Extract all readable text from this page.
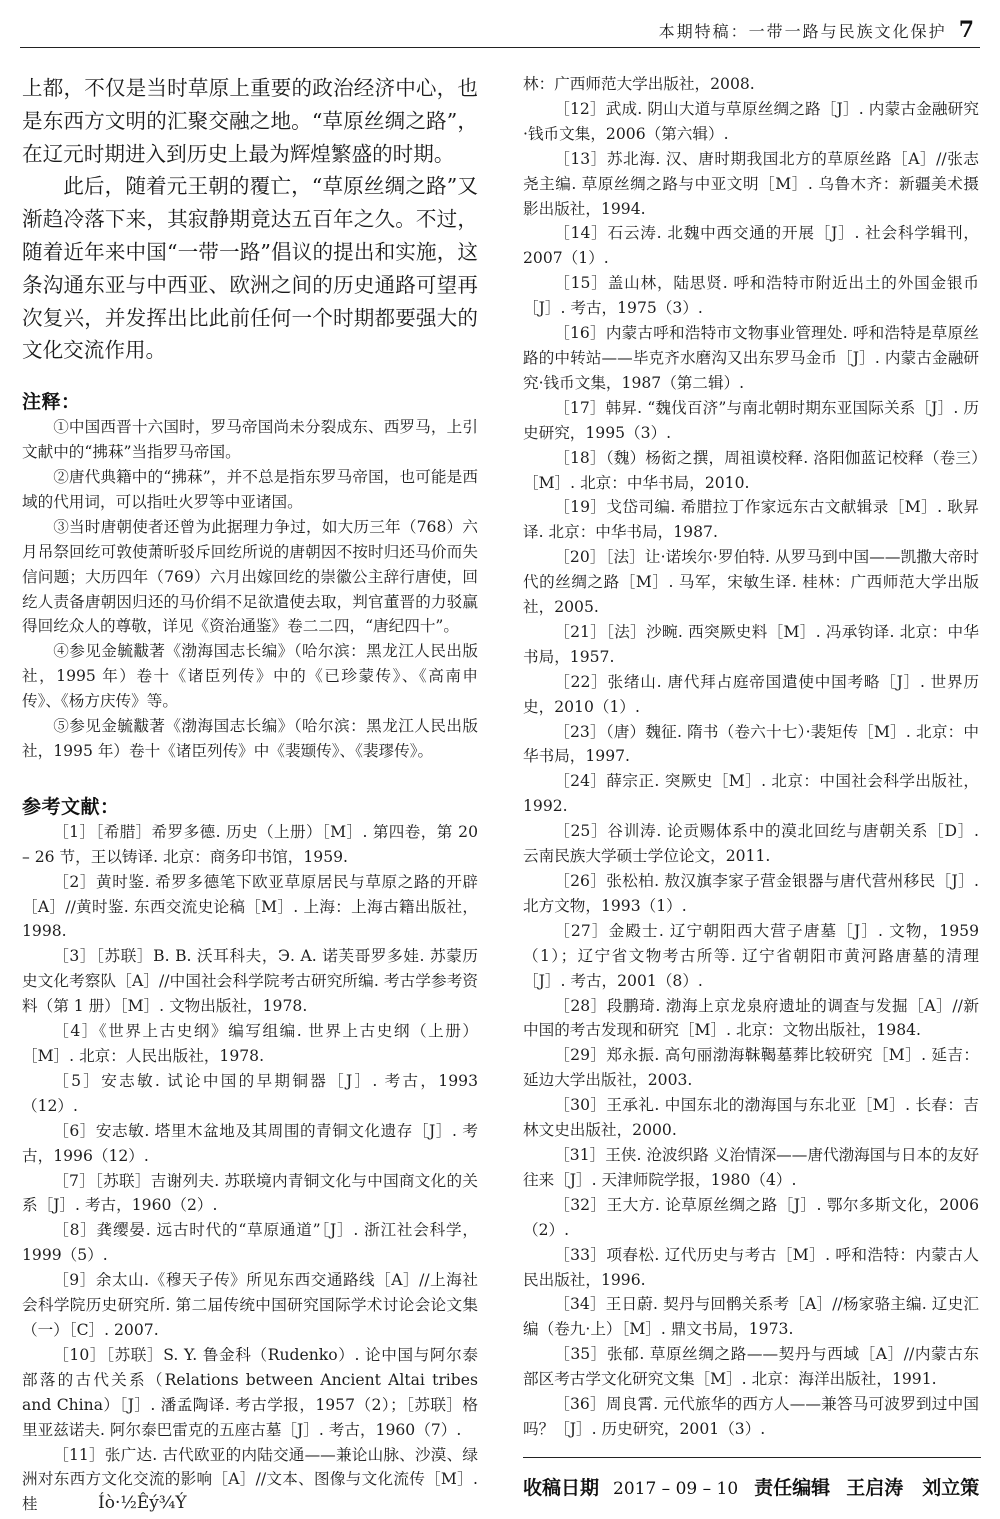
本期特稿：一带一路与民族文化保护 7

上都，不仅是当时草原上重要的政治经济中心，也是东西方文明的汇聚交融之地。“草原丝绸之路”，在辽元时期进入到历史上最为辉煌繁盛的时期。

此后，随着元王朝的覆亡，“草原丝绸之路”又渐趋冷落下来，其寂静期竟达五百年之久。不过，随着近年来中国“一带一路”倡议的提出和实施，这条沟通东亚与中西亚、欧洲之间的历史通路可望再次复兴，并发挥出比此前任何一个时期都要强大的文化交流作用。

注释：

①中国西晋十六国时，罗马帝国尚未分裂成东、西罗马，上引文献中的“拂菻”当指罗马帝国。

②唐代典籍中的“拂菻”，并不总是指东罗马帝国，也可能是西域的代用词，可以指吐火罗等中亚诸国。

③当时唐朝使者还曾为此据理力争过，如大历三年（768）六月吊祭回纥可敦使萧昕驳斥回纥所说的唐朝因不按时归还马价而失信问题；大历四年（769）六月出嫁回纥的崇徽公主辞行唐使，回纥人责备唐朝因归还的马价绢不足欲遣使去取，判官董晋的力驳赢得回纥众人的尊敬，详见《资治通鉴》卷二二四，“唐纪四十”。

④参见金毓黻著《渤海国志长编》（哈尔滨：黑龙江人民出版社，1995 年）卷十《诸臣列传》中的《已珍蒙传》、《高南申传》、《杨方庆传》等。

⑤参见金毓黻著《渤海国志长编》（哈尔滨：黑龙江人民出版社，1995 年）卷十《诸臣列传》中《裴颋传》、《裴璆传》。

参考文献：

［1］［希腊］希罗多德. 历史（上册）［M］. 第四卷，第 20 – 26 节，王以铸译. 北京：商务印书馆，1959.

［2］黄时鉴. 希罗多德笔下欧亚草原居民与草原之路的开辟［A］//黄时鉴. 东西交流史论稿［M］. 上海：上海古籍出版社，1998.

［3］［苏联］B. B. 沃耳科夫，Э. A. 诺芙哥罗多娃. 苏蒙历史文化考察队［A］//中国社会科学院考古研究所编. 考古学参考资料（第 1 册）［M］. 文物出版社，1978.

［4］《世界上古史纲》编写组编. 世界上古史纲（上册）［M］. 北京：人民出版社，1978.

［5］安志敏. 试论中国的早期铜器［J］. 考古，1993（12）.

［6］安志敏. 塔里木盆地及其周围的青铜文化遗存［J］. 考古，1996（12）.

［7］［苏联］吉谢列夫. 苏联境内青铜文化与中国商文化的关系［J］. 考古，1960（2）.

［8］龚缨晏. 远古时代的“草原通道”［J］. 浙江社会科学，1999（5）.

［9］余太山.《穆天子传》所见东西交通路线［A］//上海社会科学院历史研究所. 第二届传统中国研究国际学术讨论会论文集（一）［C］. 2007.

［10］［苏联］S. Y. 鲁金科（Rudenko）. 论中国与阿尔泰部落的古代关系（Relations between Ancient Altai tribes and China）［J］. 潘孟陶译. 考古学报，1957（2）；［苏联］格里亚兹诺夫. 阿尔泰巴雷克的五座古墓［J］. 考古，1960（7）.

［11］张广达. 古代欧亚的内陆交通——兼论山脉、沙漠、绿洲对东西方文化交流的影响［A］//文本、图像与文化流传［M］. 桂

林：广西师范大学出版社，2008.

［12］武成. 阴山大道与草原丝绸之路［J］. 内蒙古金融研究·钱币文集，2006（第六辑）.

［13］苏北海. 汉、唐时期我国北方的草原丝路［A］//张志尧主编. 草原丝绸之路与中亚文明［M］. 乌鲁木齐：新疆美术摄影出版社，1994.

［14］石云涛. 北魏中西交通的开展［J］. 社会科学辑刊，2007（1）.

［15］盖山林，陆思贤. 呼和浩特市附近出土的外国金银币［J］. 考古，1975（3）.

［16］内蒙古呼和浩特市文物事业管理处. 呼和浩特是草原丝路的中转站——毕克齐水磨沟又出东罗马金币［J］. 内蒙古金融研究·钱币文集，1987（第二辑）.

［17］韩昇. “魏伐百济”与南北朝时期东亚国际关系［J］. 历史研究，1995（3）.

［18］（魏）杨衒之撰，周祖谟校释. 洛阳伽蓝记校释（卷三）［M］. 北京：中华书局，2010.

［19］戈岱司编. 希腊拉丁作家远东古文献辑录［M］. 耿昇译. 北京：中华书局，1987.

［20］［法］让·诺埃尔·罗伯特. 从罗马到中国——凯撒大帝时代的丝绸之路［M］. 马军，宋敏生译. 桂林：广西师范大学出版社，2005.

［21］［法］沙畹. 西突厥史料［M］. 冯承钧译. 北京：中华书局，1957.

［22］张绪山. 唐代拜占庭帝国遣使中国考略［J］. 世界历史，2010（1）.

［23］（唐）魏征. 隋书（卷六十七）·裴矩传［M］. 北京：中华书局，1997.

［24］薛宗正. 突厥史［M］. 北京：中国社会科学出版社，1992.

［25］谷训涛. 论贡赐体系中的漠北回纥与唐朝关系［D］. 云南民族大学硕士学位论文，2011.

［26］张松柏. 敖汉旗李家子营金银器与唐代营州移民［J］. 北方文物，1993（1）.

［27］金殿士. 辽宁朝阳西大营子唐墓［J］. 文物，1959（1）；辽宁省文物考古所等. 辽宁省朝阳市黄河路唐墓的清理［J］. 考古，2001（8）.

［28］段鹏琦. 渤海上京龙泉府遗址的调查与发掘［A］//新中国的考古发现和研究［M］. 北京：文物出版社，1984.

［29］郑永振. 高句丽渤海靺鞨墓葬比较研究［M］. 延吉：延边大学出版社，2003.

［30］王承礼. 中国东北的渤海国与东北亚［M］. 长春：吉林文史出版社，2000.

［31］王侠. 沧波织路 义治情深——唐代渤海国与日本的友好往来［J］. 天津师院学报，1980（4）.

［32］王大方. 论草原丝绸之路［J］. 鄂尔多斯文化，2006（2）.

［33］项春松. 辽代历史与考古［M］. 呼和浩特：内蒙古人民出版社，1996.

［34］王日蔚. 契丹与回鹘关系考［A］//杨家骆主编. 辽史汇编（卷九·上）［M］. 鼎文书局，1973.

［35］张郁. 草原丝绸之路——契丹与西域［A］//内蒙古东部区考古学文化研究文集［M］. 北京：海洋出版社，1991.

［36］周良霄. 元代旅华的西方人——兼答马可波罗到过中国吗？［J］. 历史研究，2001（3）.

收稿日期 2017 – 09 – 10 责任编辑 王启涛　刘立策
Íò·½Êý¾Ý
